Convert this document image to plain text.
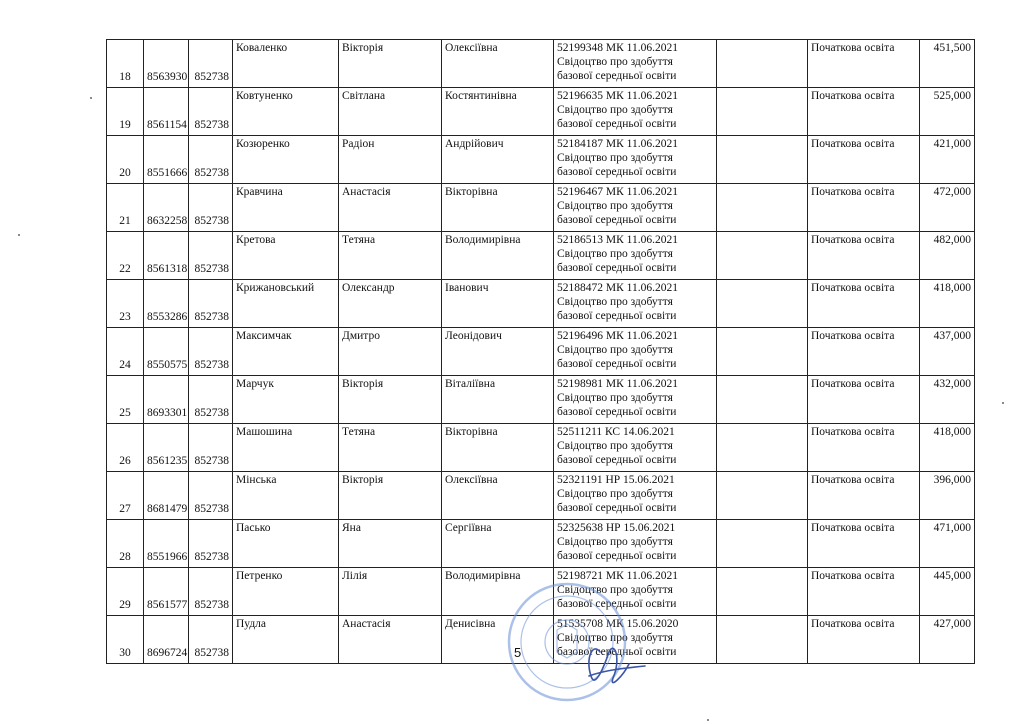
18	8563930	852738	Коваленко	Вікторія	Олексіївна	52199348 МК 11.06.2021
Свідоцтво про здобуття
базової середньої освіти		Початкова освіта	451,500
19	8561154	852738	Ковтуненко	Світлана	Костянтинівна	52196635 МК 11.06.2021
Свідоцтво про здобуття
базової середньої освіти		Початкова освіта	525,000
20	8551666	852738	Козюренко	Радіон	Андрійович	52184187 МК 11.06.2021
Свідоцтво про здобуття
базової середньої освіти		Початкова освіта	421,000
21	8632258	852738	Кравчина	Анастасія	Вікторівна	52196467 МК 11.06.2021
Свідоцтво про здобуття
базової середньої освіти		Початкова освіта	472,000
22	8561318	852738	Кретова	Тетяна	Володимирівна	52186513 МК 11.06.2021
Свідоцтво про здобуття
базової середньої освіти		Початкова освіта	482,000
23	8553286	852738	Крижановський	Олександр	Іванович	52188472 МК 11.06.2021
Свідоцтво про здобуття
базової середньої освіти		Початкова освіта	418,000
24	8550575	852738	Максимчак	Дмитро	Леонідович	52196496 МК 11.06.2021
Свідоцтво про здобуття
базової середньої освіти		Початкова освіта	437,000
25	8693301	852738	Марчук	Вікторія	Віталіївна	52198981 МК 11.06.2021
Свідоцтво про здобуття
базової середньої освіти		Початкова освіта	432,000
26	8561235	852738	Машошина	Тетяна	Вікторівна	52511211 КС 14.06.2021
Свідоцтво про здобуття
базової середньої освіти		Початкова освіта	418,000
27	8681479	852738	Мінська	Вікторія	Олексіївна	52321191 НР 15.06.2021
Свідоцтво про здобуття
базової середньої освіти		Початкова освіта	396,000
28	8551966	852738	Пасько	Яна	Сергіївна	52325638 НР 15.06.2021
Свідоцтво про здобуття
базової середньої освіти		Початкова освіта	471,000
29	8561577	852738	Петренко	Лілія	Володимирівна	52198721 МК 11.06.2021
Свідоцтво про здобуття
базової середньої освіти		Початкова освіта	445,000
30	8696724	852738	Пудла	Анастасія	Денисівна	51535708 МК 15.06.2020
Свідоцтво про здобуття
базової середньої освіти		Початкова освіта	427,000
5
